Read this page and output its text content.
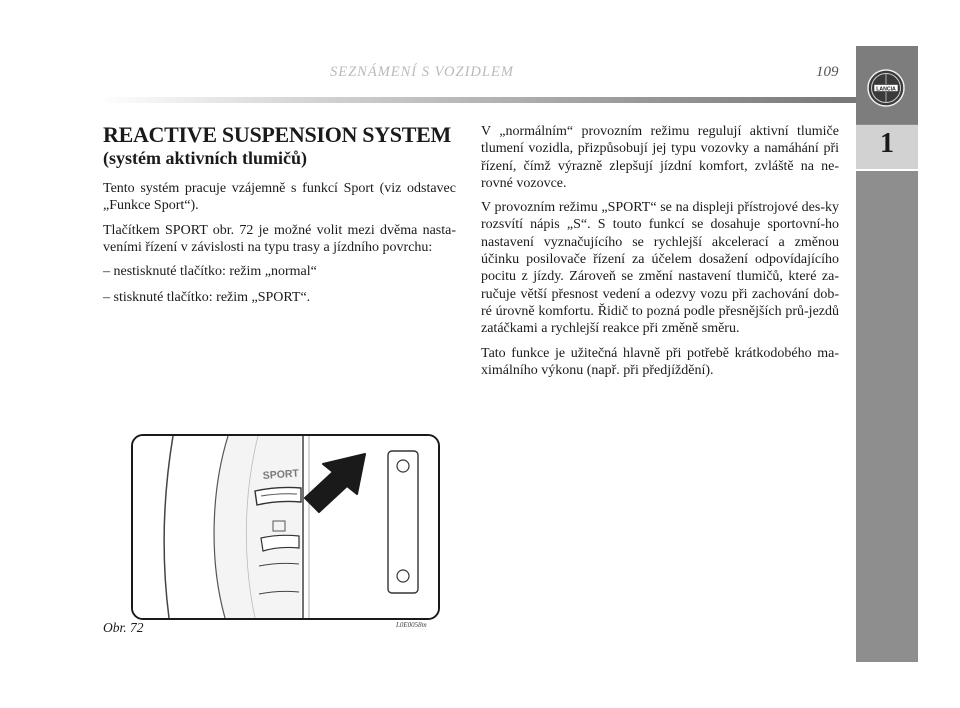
SEZNÁMENÍ S VOZIDLEM	109
LANCIA
1
REACTIVE SUSPENSION SYSTEM
(systém aktivních tlumičů)

Tento systém pracuje vzájemně s funkcí Sport (viz odstavec „Funkce Sport“).

Tlačítkem SPORT obr. 72 je možné volit mezi dvěma nasta-veními řízení v závislosti na typu trasy a jízdního povrchu:

– nestisknuté tlačítko: režim „normal“

– stisknuté tlačítko: režim „SPORT“.

V „normálním“ provozním režimu regulují aktivní tlumiče tlumení vozidla, přizpůsobují jej typu vozovky a namáhání při řízení, čímž výrazně zlepšují jízdní komfort, zvláště na ne-rovné vozovce.

V provozním režimu „SPORT“ se na displeji přístrojové des-ky rozsvítí nápis „S“. S touto funkcí se dosahuje sportovní-ho nastavení vyznačujícího se rychlejší akcelerací a změnou účinku posilovače řízení za účelem dosažení odpovídajícího pocitu z jízdy. Zároveň se změní nastavení tlumičů, které za-ručuje větší přesnost vedení a odezvy vozu při zachování dob-ré úrovně komfortu. Řidič to pozná podle přesnějších prů-jezdů zatáčkami a rychlejší reakce při změně směru.

Tato funkce je užitečná hlavně při potřebě krátkodobého ma-ximálního výkonu (např. při předjíždění).

SPORT
Obr. 72	L0E0058m
